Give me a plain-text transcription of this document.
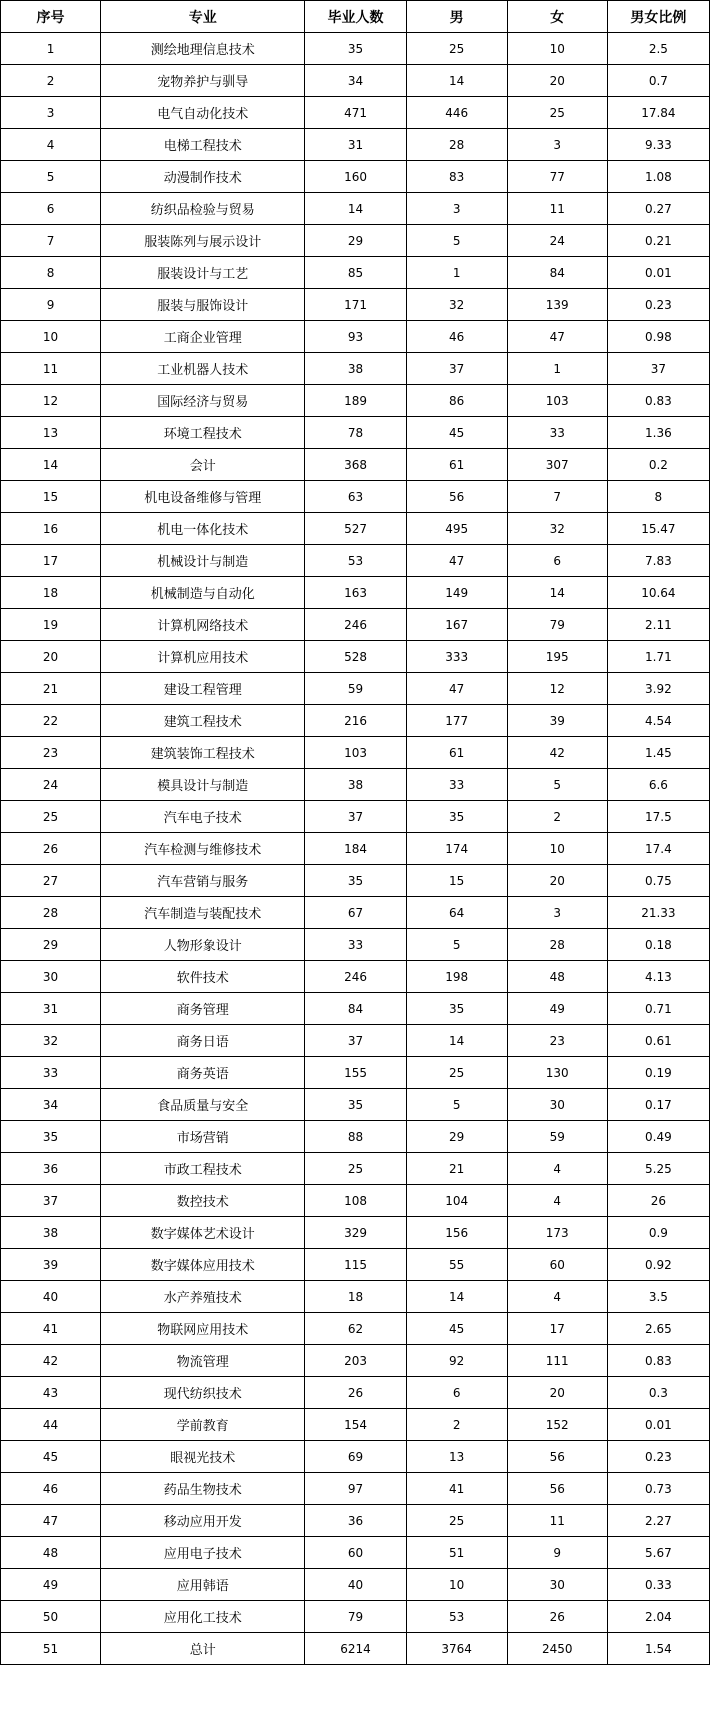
序号	专业	毕业人数	男	女	男女比例
1	测绘地理信息技术	35	25	10	2.5
2	宠物养护与驯导	34	14	20	0.7
3	电气自动化技术	471	446	25	17.84
4	电梯工程技术	31	28	3	9.33
5	动漫制作技术	160	83	77	1.08
6	纺织品检验与贸易	14	3	11	0.27
7	服装陈列与展示设计	29	5	24	0.21
8	服装设计与工艺	85	1	84	0.01
9	服装与服饰设计	171	32	139	0.23
10	工商企业管理	93	46	47	0.98
11	工业机器人技术	38	37	1	37
12	国际经济与贸易	189	86	103	0.83
13	环境工程技术	78	45	33	1.36
14	会计	368	61	307	0.2
15	机电设备维修与管理	63	56	7	8
16	机电一体化技术	527	495	32	15.47
17	机械设计与制造	53	47	6	7.83
18	机械制造与自动化	163	149	14	10.64
19	计算机网络技术	246	167	79	2.11
20	计算机应用技术	528	333	195	1.71
21	建设工程管理	59	47	12	3.92
22	建筑工程技术	216	177	39	4.54
23	建筑装饰工程技术	103	61	42	1.45
24	模具设计与制造	38	33	5	6.6
25	汽车电子技术	37	35	2	17.5
26	汽车检测与维修技术	184	174	10	17.4
27	汽车营销与服务	35	15	20	0.75
28	汽车制造与装配技术	67	64	3	21.33
29	人物形象设计	33	5	28	0.18
30	软件技术	246	198	48	4.13
31	商务管理	84	35	49	0.71
32	商务日语	37	14	23	0.61
33	商务英语	155	25	130	0.19
34	食品质量与安全	35	5	30	0.17
35	市场营销	88	29	59	0.49
36	市政工程技术	25	21	4	5.25
37	数控技术	108	104	4	26
38	数字媒体艺术设计	329	156	173	0.9
39	数字媒体应用技术	115	55	60	0.92
40	水产养殖技术	18	14	4	3.5
41	物联网应用技术	62	45	17	2.65
42	物流管理	203	92	111	0.83
43	现代纺织技术	26	6	20	0.3
44	学前教育	154	2	152	0.01
45	眼视光技术	69	13	56	0.23
46	药品生物技术	97	41	56	0.73
47	移动应用开发	36	25	11	2.27
48	应用电子技术	60	51	9	5.67
49	应用韩语	40	10	30	0.33
50	应用化工技术	79	53	26	2.04
51	总计	6214	3764	2450	1.54
